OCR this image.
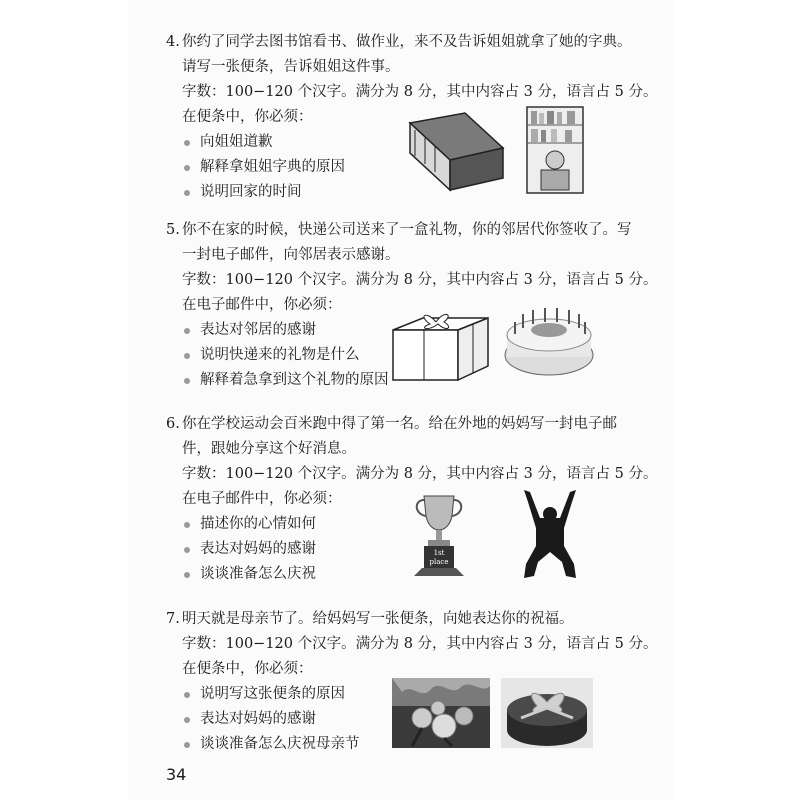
4. 你约了同学去图书馆看书、做作业，来不及告诉姐姐就拿了她的字典。请写一张便条，告诉姐姐这件事。
字数：100−120 个汉字。满分为 8 分，其中内容占 3 分，语言占 5 分。
在便条中，你必须：
向姐姐道歉
解释拿姐姐字典的原因
说明回家的时间
5. 你不在家的时候，快递公司送来了一盒礼物，你的邻居代你签收了。写一封电子邮件，向邻居表示感谢。
字数：100−120 个汉字。满分为 8 分，其中内容占 3 分，语言占 5 分。
在电子邮件中，你必须：
表达对邻居的感谢
说明快递来的礼物是什么
解释着急拿到这个礼物的原因
6. 你在学校运动会百米跑中得了第一名。给在外地的妈妈写一封电子邮件，跟她分享这个好消息。
字数：100−120 个汉字。满分为 8 分，其中内容占 3 分，语言占 5 分。
在电子邮件中，你必须：
描述你的心情如何
表达对妈妈的感谢
谈谈准备怎么庆祝
1st
place
7. 明天就是母亲节了。给妈妈写一张便条，向她表达你的祝福。
字数：100−120 个汉字。满分为 8 分，其中内容占 3 分，语言占 5 分。
在便条中，你必须：
说明写这张便条的原因
表达对妈妈的感谢
谈谈准备怎么庆祝母亲节
34
